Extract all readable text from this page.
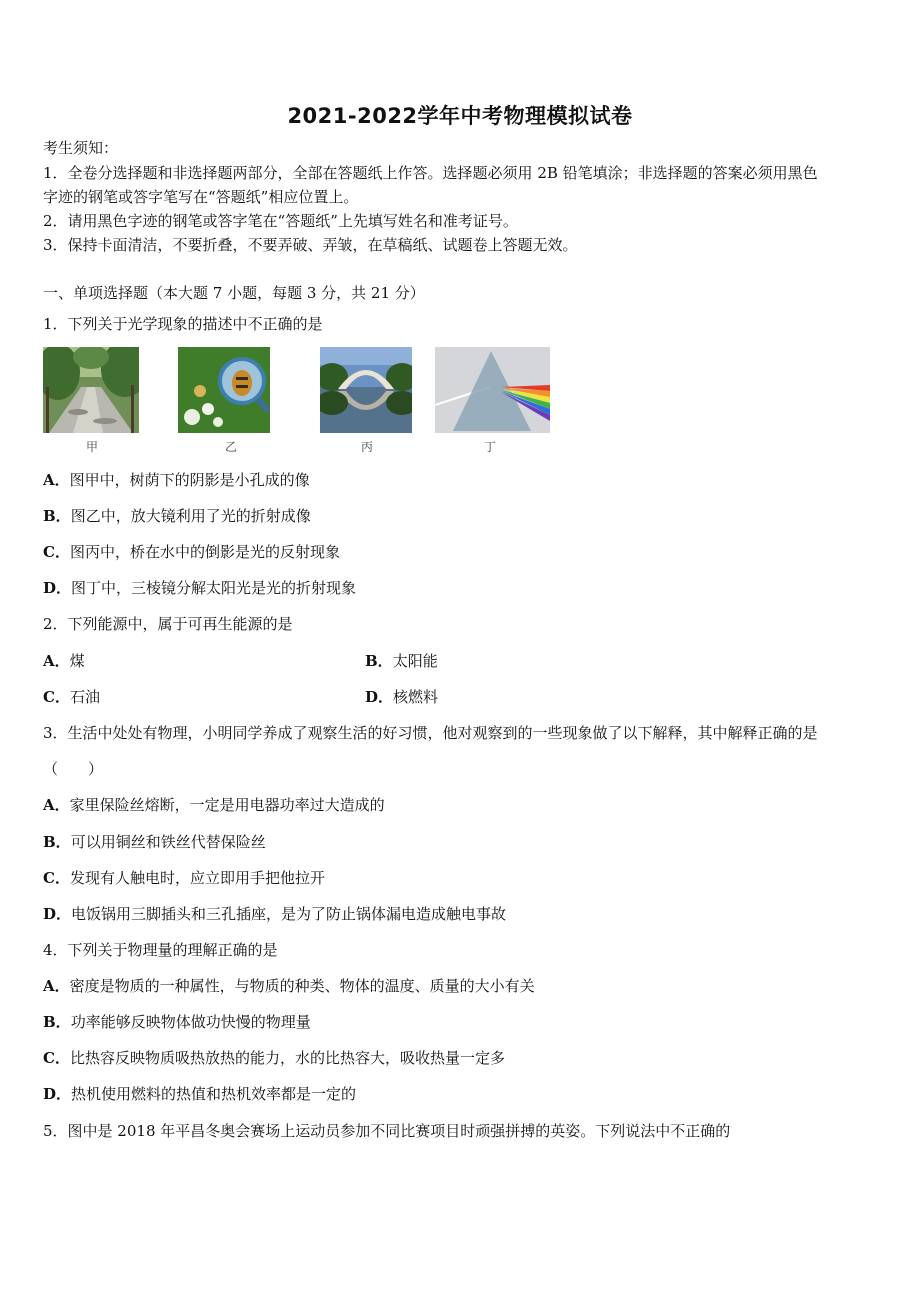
2021-2022学年中考物理模拟试卷
考生须知：
1．全卷分选择题和非选择题两部分，全部在答题纸上作答。选择题必须用 2B 铅笔填涂；非选择题的答案必须用黑色
字迹的钢笔或答字笔写在“答题纸”相应位置上。
2．请用黑色字迹的钢笔或答字笔在“答题纸”上先填写姓名和准考证号。
3．保持卡面清洁，不要折叠，不要弄破、弄皱，在草稿纸、试题卷上答题无效。
一、单项选择题（本大题 7 小题，每题 3 分，共 21 分）
1．下列关于光学现象的描述中不正确的是
甲	乙	丙	丁
A．图甲中，树荫下的阴影是小孔成的像
B．图乙中，放大镜利用了光的折射成像
C．图丙中，桥在水中的倒影是光的反射现象
D．图丁中，三棱镜分解太阳光是光的折射现象
2．下列能源中，属于可再生能源的是
A．煤	B．太阳能
C．石油	D．核燃料
3．生活中处处有物理，小明同学养成了观察生活的好习惯，他对观察到的一些现象做了以下解释，其中解释正确的是
（　　）
A．家里保险丝熔断，一定是用电器功率过大造成的
B．可以用铜丝和铁丝代替保险丝
C．发现有人触电时，应立即用手把他拉开
D．电饭锅用三脚插头和三孔插座，是为了防止锅体漏电造成触电事故
4．下列关于物理量的理解正确的是
A．密度是物质的一种属性，与物质的种类、物体的温度、质量的大小有关
B．功率能够反映物体做功快慢的物理量
C．比热容反映物质吸热放热的能力，水的比热容大，吸收热量一定多
D．热机使用燃料的热值和热机效率都是一定的
5．图中是 2018 年平昌冬奥会赛场上运动员参加不同比赛项目时顽强拼搏的英姿。下列说法中不正确的
